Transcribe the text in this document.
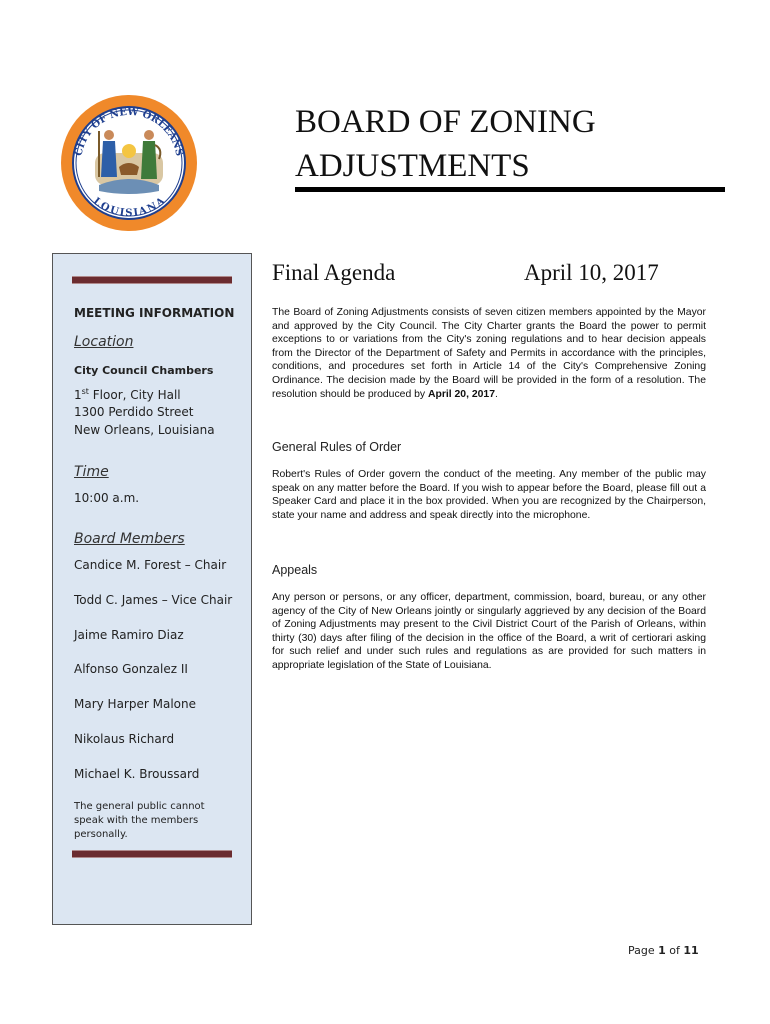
CITY OF NEW ORLEANS
LOUISIANA
BOARD OF ZONING
ADJUSTMENTS
MEETING INFORMATION
Location
City Council Chambers
1st Floor, City Hall
1300 Perdido Street
New Orleans, Louisiana
Time
10:00 a.m.
Board Members
Candice M. Forest – Chair
Todd C. James – Vice Chair
Jaime Ramiro Diaz
Alfonso Gonzalez II
Mary Harper Malone
Nikolaus Richard
Michael K. Broussard
The general public cannot speak with the members personally.
Final Agenda	April 10, 2017

The Board of Zoning Adjustments consists of seven citizen members appointed by the Mayor and approved by the City Council. The City Charter grants the Board the power to permit exceptions to or variations from the City's zoning regulations and to hear decision appeals from the Director of the Department of Safety and Permits in accordance with the principles, conditions, and procedures set forth in Article 14 of the City's Comprehensive Zoning Ordinance. The decision made by the Board will be provided in the form of a resolution. The resolution should be produced by April 20, 2017.

General Rules of Order

Robert's Rules of Order govern the conduct of the meeting. Any member of the public may speak on any matter before the Board. If you wish to appear before the Board, please fill out a Speaker Card and place it in the box provided. When you are recognized by the Chairperson, state your name and address and speak directly into the microphone.

Appeals

Any person or persons, or any officer, department, commission, board, bureau, or any other agency of the City of New Orleans jointly or singularly aggrieved by any decision of the Board of Zoning Adjustments may present to the Civil District Court of the Parish of Orleans, within thirty (30) days after filing of the decision in the office of the Board, a writ of certiorari asking for such relief and under such rules and regulations as are provided for such matters in appropriate legislation of the State of Louisiana.

Page 1 of 11
